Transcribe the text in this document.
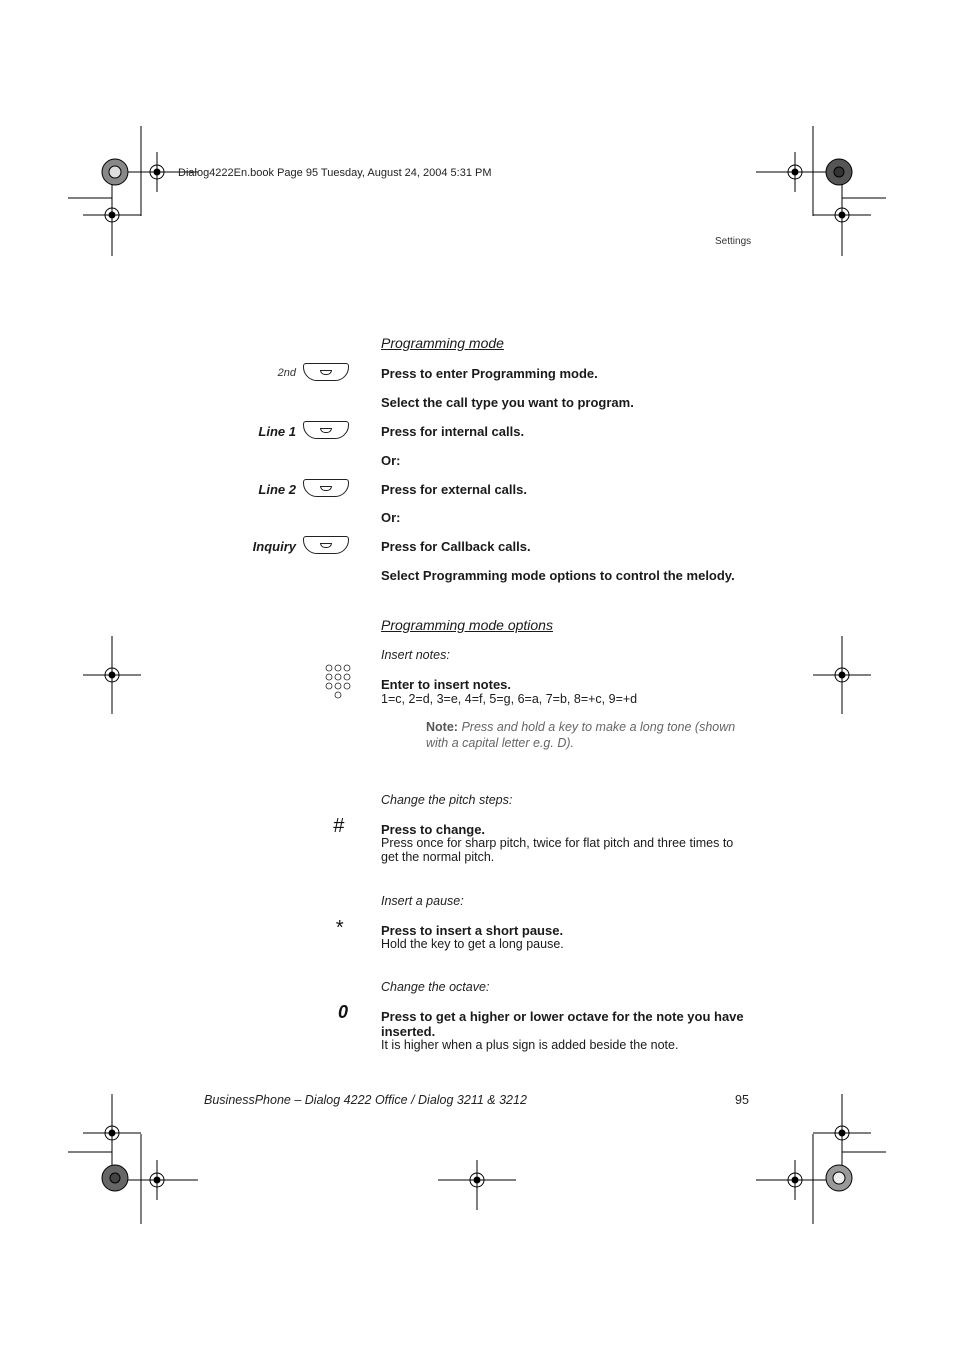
Dialog4222En.book Page 95 Tuesday, August 24, 2004 5:31 PM
Settings
Programming mode
2nd	Press to enter Programming mode.
Select the call type you want to program.
Line 1	Press for internal calls.
Or:
Line 2	Press for external calls.
Or:
Inquiry	Press for Callback calls.
Select Programming mode options to control the melody.
Programming mode options
Insert notes:
Enter to insert notes.
1=c, 2=d, 3=e, 4=f, 5=g, 6=a, 7=b, 8=+c, 9=+d
Note: Press and hold a key to make a long tone (shown with a capital letter e.g. D).
Change the pitch steps:
#	Press to change.
Press once for sharp pitch, twice for flat pitch and three times to get the normal pitch.
Insert a pause:
*	Press to insert a short pause.
Hold the key to get a long pause.
Change the octave:
0	Press to get a higher or lower octave for the note you have inserted.
It is higher when a plus sign is added beside the note.
BusinessPhone – Dialog 4222 Office / Dialog 3211 & 3212	95
